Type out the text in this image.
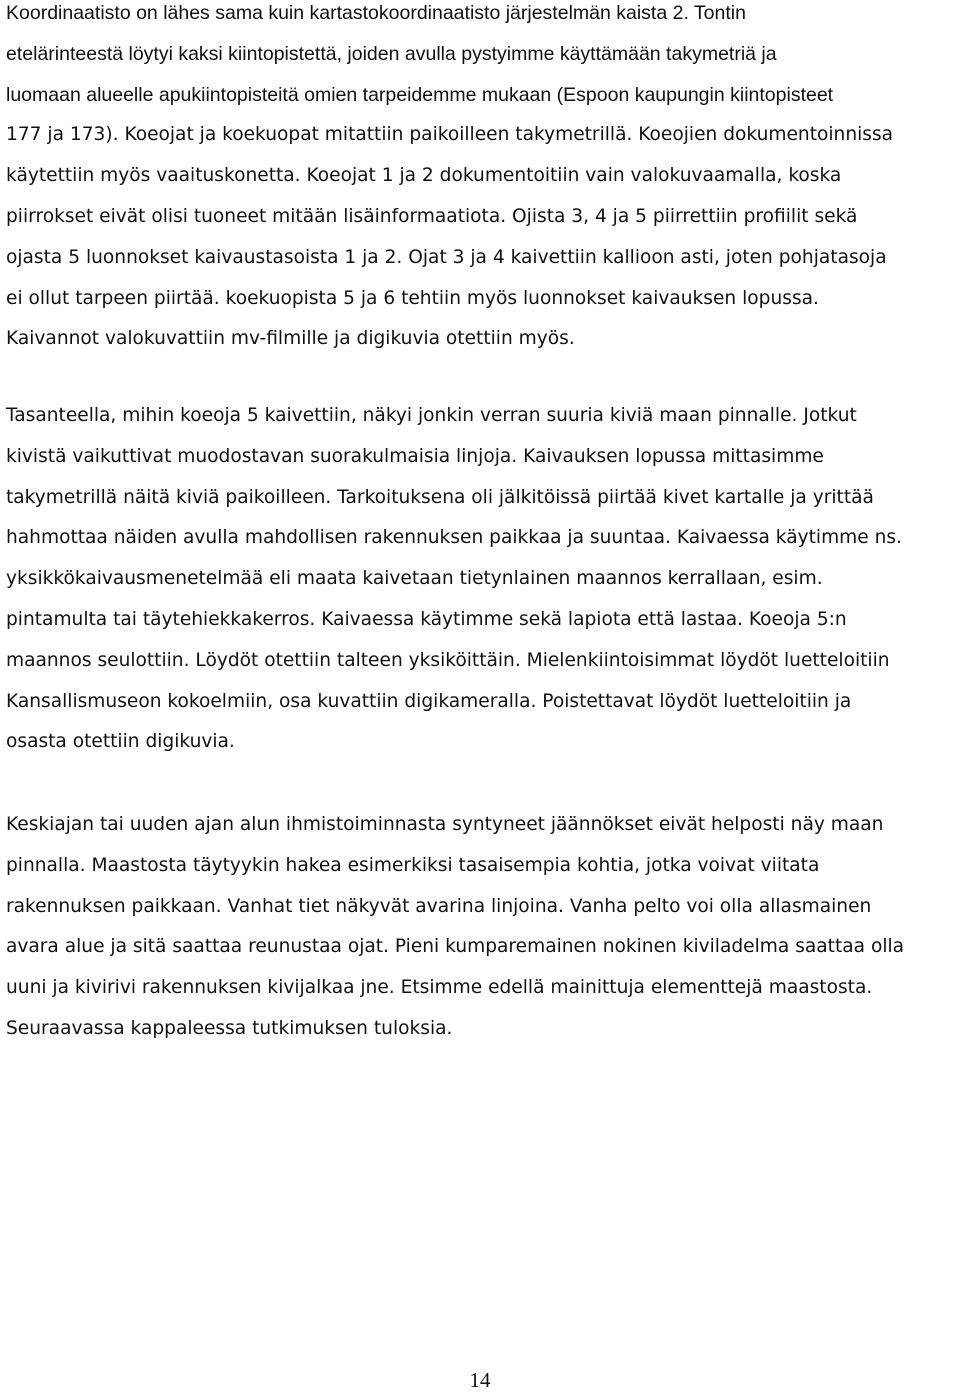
Koordinaatisto on lähes sama kuin kartastokoordinaatisto järjestelmän kaista 2. Tontin
etelärinteestä löytyi kaksi kiintopistettä, joiden avulla pystyimme käyttämään takymetriä ja
luomaan alueelle apukiintopisteitä omien tarpeidemme mukaan (Espoon kaupungin kiintopisteet
177 ja 173). Koeojat ja koekuopat mitattiin paikoilleen takymetrillä. Koeojien dokumentoinnissa
käytettiin myös vaaituskonetta. Koeojat 1 ja 2 dokumentoitiin vain valokuvaamalla, koska
piirrokset eivät olisi tuoneet mitään lisäinformaatiota. Ojista 3, 4 ja 5 piirrettiin profiilit sekä
ojasta 5 luonnokset kaivaustasoista 1 ja 2. Ojat 3 ja 4 kaivettiin kallioon asti, joten pohjatasoja
ei ollut tarpeen piirtää. koekuopista 5 ja 6 tehtiin myös luonnokset kaivauksen lopussa.
Kaivannot valokuvattiin mv-filmille ja digikuvia otettiin myös.
Tasanteella, mihin koeoja 5 kaivettiin, näkyi jonkin verran suuria kiviä maan pinnalle. Jotkut
kivistä vaikuttivat muodostavan suorakulmaisia linjoja. Kaivauksen lopussa mittasimme
takymetrillä näitä kiviä paikoilleen. Tarkoituksena oli jälkitöissä piirtää kivet kartalle ja yrittää
hahmottaa näiden avulla mahdollisen rakennuksen paikkaa ja suuntaa. Kaivaessa käytimme ns.
yksikkökaivausmenetelmää eli maata kaivetaan tietynlainen maannos kerrallaan, esim.
pintamulta tai täytehiekkakerros. Kaivaessa käytimme sekä lapiota että lastaa. Koeoja 5:n
maannos seulottiin. Löydöt otettiin talteen yksiköittäin. Mielenkiintoisimmat löydöt luetteloitiin
Kansallismuseon kokoelmiin, osa kuvattiin digikameralla. Poistettavat löydöt luetteloitiin ja
osasta otettiin digikuvia.
Keskiajan tai uuden ajan alun ihmistoiminnasta syntyneet jäännökset eivät helposti näy maan
pinnalla. Maastosta täytyykin hakea esimerkiksi tasaisempia kohtia, jotka voivat viitata
rakennuksen paikkaan. Vanhat tiet näkyvät avarina linjoina. Vanha pelto voi olla allasmainen
avara alue ja sitä saattaa reunustaa ojat. Pieni kumparemainen nokinen kiviladelma saattaa olla
uuni ja kivirivi rakennuksen kivijalkaa jne. Etsimme edellä mainittuja elementtejä maastosta.
Seuraavassa kappaleessa tutkimuksen tuloksia.
14
